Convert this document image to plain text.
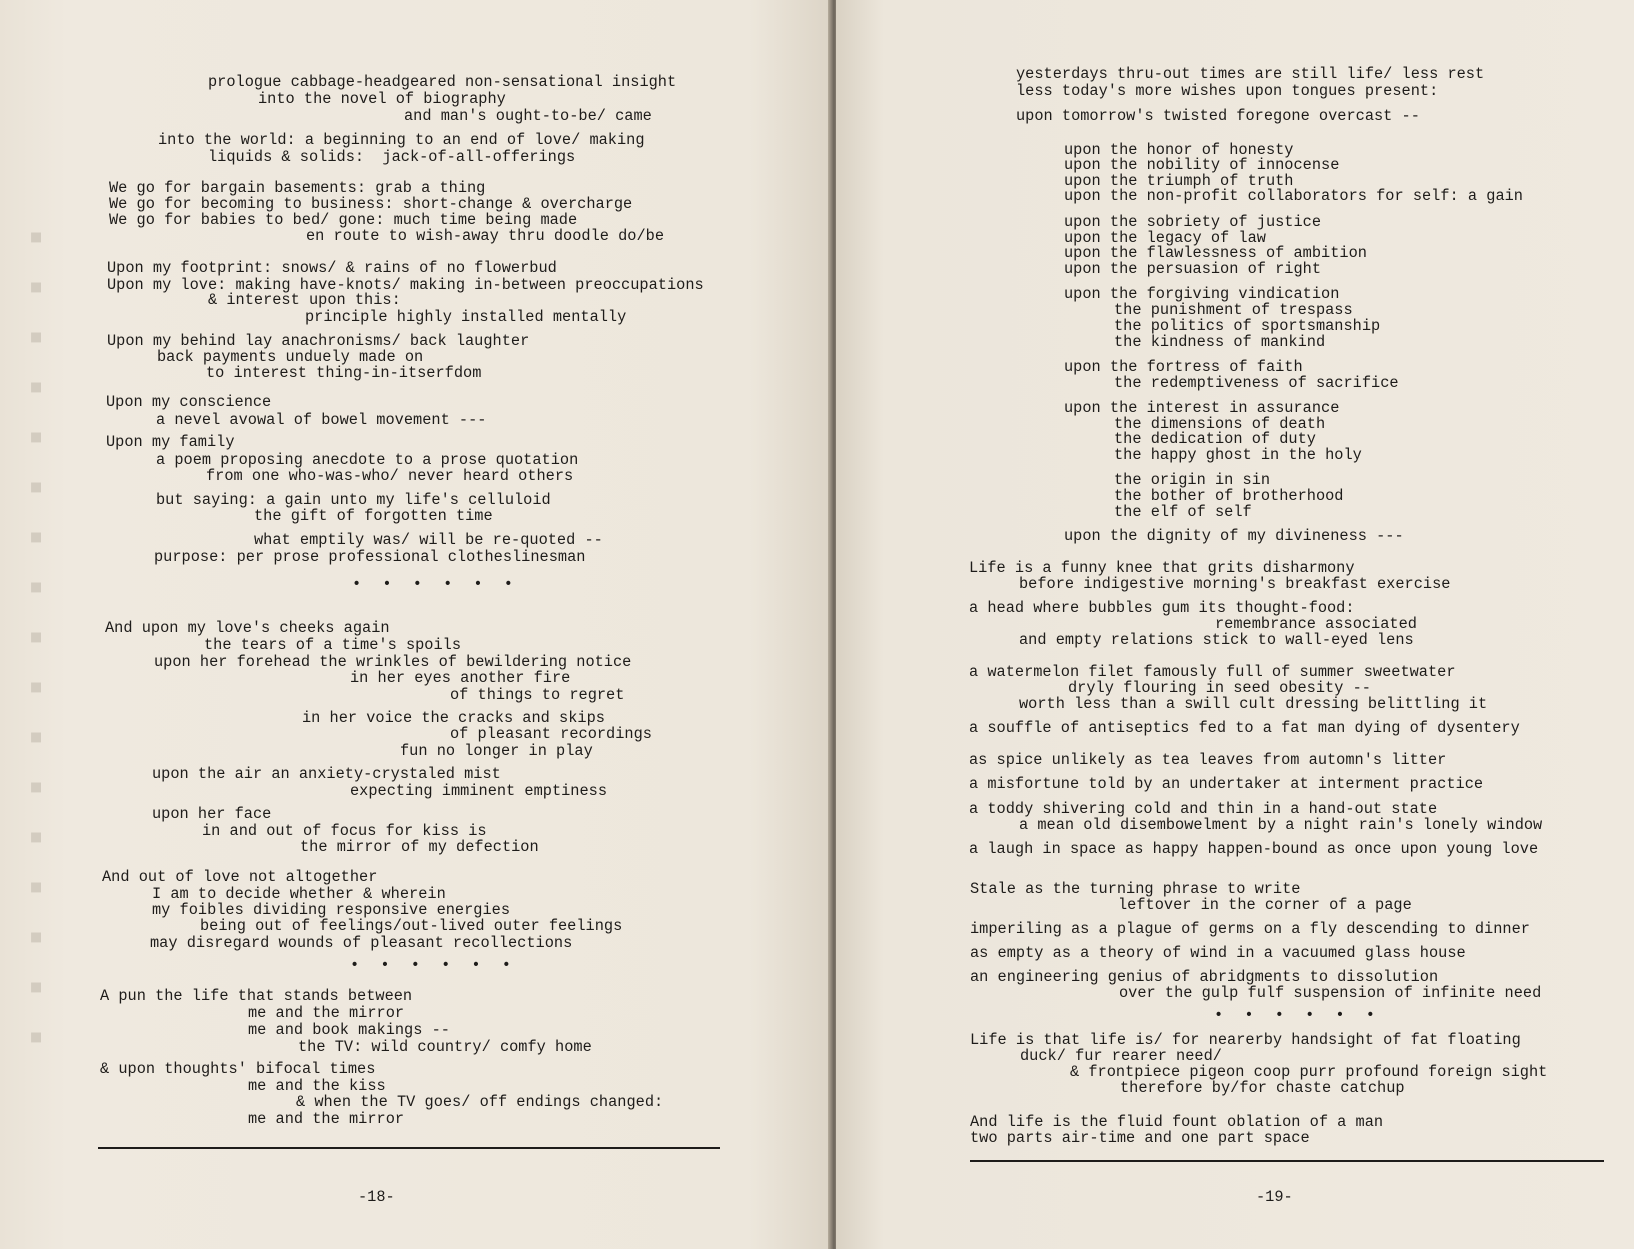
▪▪▪▪▪▪▪▪▪▪▪▪▪▪▪▪▪
prologue cabbage-headgeared non-sensational insight
into the novel of biography
and man's ought-to-be/ came
into the world: a beginning to an end of love/ making
liquids & solids:  jack-of-all-offerings
We go for bargain basements: grab a thing
We go for becoming to business: short-change & overcharge
We go for babies to bed/ gone: much time being made
en route to wish-away thru doodle do/be
Upon my footprint: snows/ & rains of no flowerbud
Upon my love: making have-knots/ making in-between preoccupations
& interest upon this:
principle highly installed mentally
Upon my behind lay anachronisms/ back laughter
back payments unduely made on
to interest thing-in-itserfdom
Upon my conscience
a nevel avowal of bowel movement ---
Upon my family
a poem proposing anecdote to a prose quotation
from one who-was-who/ never heard others
but saying: a gain unto my life's celluloid
the gift of forgotten time
what emptily was/ will be re-quoted --
purpose: per prose professional clotheslinesman
• • • • • •
And upon my love's cheeks again
the tears of a time's spoils
upon her forehead the wrinkles of bewildering notice
in her eyes another fire
of things to regret
in her voice the cracks and skips
of pleasant recordings
fun no longer in play
upon the air an anxiety-crystaled mist
expecting imminent emptiness
upon her face
in and out of focus for kiss is
the mirror of my defection
And out of love not altogether
I am to decide whether & wherein
my foibles dividing responsive energies
being out of feelings/out-lived outer feelings
may disregard wounds of pleasant recollections
• • • • • •
A pun the life that stands between
me and the mirror
me and book makings --
the TV: wild country/ comfy home
& upon thoughts' bifocal times
me and the kiss
& when the TV goes/ off endings changed:
me and the mirror
-18-
yesterdays thru-out times are still life/ less rest
less today's more wishes upon tongues present:
upon tomorrow's twisted foregone overcast --
upon the honor of honesty
upon the nobility of innocense
upon the triumph of truth
upon the non-profit collaborators for self: a gain
upon the sobriety of justice
upon the legacy of law
upon the flawlessness of ambition
upon the persuasion of right
upon the forgiving vindication
the punishment of trespass
the politics of sportsmanship
the kindness of mankind
upon the fortress of faith
the redemptiveness of sacrifice
upon the interest in assurance
the dimensions of death
the dedication of duty
the happy ghost in the holy
the origin in sin
the bother of brotherhood
the elf of self
upon the dignity of my divineness ---
Life is a funny knee that grits disharmony
before indigestive morning's breakfast exercise
a head where bubbles gum its thought-food:
remembrance associated
and empty relations stick to wall-eyed lens
a watermelon filet famously full of summer sweetwater
dryly flouring in seed obesity --
worth less than a swill cult dressing belittling it
a souffle of antiseptics fed to a fat man dying of dysentery
as spice unlikely as tea leaves from automn's litter
a misfortune told by an undertaker at interment practice
a toddy shivering cold and thin in a hand-out state
a mean old disembowelment by a night rain's lonely window
a laugh in space as happy happen-bound as once upon young love
Stale as the turning phrase to write
leftover in the corner of a page
imperiling as a plague of germs on a fly descending to dinner
as empty as a theory of wind in a vacuumed glass house
an engineering genius of abridgments to dissolution
over the gulp fulf suspension of infinite need
• • • • • •
Life is that life is/ for nearerby handsight of fat floating
duck/ fur rearer need/
& frontpiece pigeon coop purr profound foreign sight
therefore by/for chaste catchup
And life is the fluid fount oblation of a man
two parts air-time and one part space
-19-
